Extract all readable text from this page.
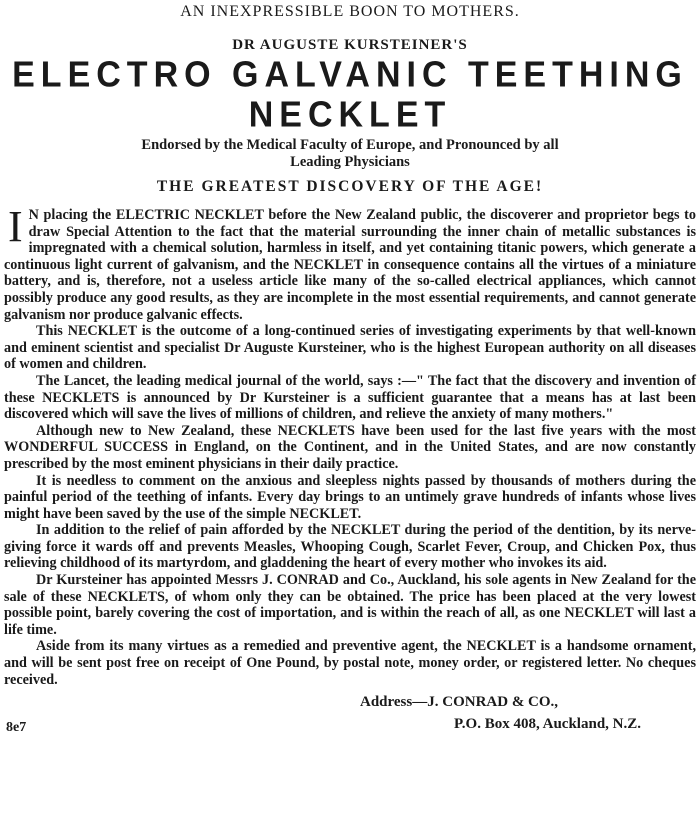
AN INEXPRESSIBLE BOON TO MOTHERS.
DR AUGUSTE KURSTEINER'S
ELECTRO GALVANIC TEETHING NECKLET
Endorsed by the Medical Faculty of Europe, and Pronounced by all
Leading Physicians
THE GREATEST DISCOVERY OF THE AGE!

I N placing the ELECTRIC NECKLET before the New Zealand public, the discoverer and proprietor begs to draw Special Attention to the fact that the material surrounding the inner chain of metallic substances is impregnated with a chemical solution, harmless in itself, and yet containing titanic powers, which generate a continuous light current of galvanism, and the NECKLET in consequence contains all the virtues of a miniature battery, and is, therefore, not a useless article like many of the so-called electrical appliances, which cannot possibly produce any good results, as they are incomplete in the most essential requirements, and cannot generate galvanism nor produce galvanic effects.

This NECKLET is the outcome of a long-continued series of investigating experiments by that well-known and eminent scientist and specialist Dr Auguste Kursteiner, who is the highest European authority on all diseases of women and children.

The Lancet, the leading medical journal of the world, says :—" The fact that the discovery and invention of these NECKLETS is announced by Dr Kursteiner is a sufficient guarantee that a means has at last been discovered which will save the lives of millions of children, and relieve the anxiety of many mothers."

Although new to New Zealand, these NECKLETS have been used for the last five years with the most WONDERFUL SUCCESS in England, on the Continent, and in the United States, and are now constantly prescribed by the most eminent physicians in their daily practice.

It is needless to comment on the anxious and sleepless nights passed by thousands of mothers during the painful period of the teething of infants. Every day brings to an untimely grave hundreds of infants whose lives might have been saved by the use of the simple NECKLET.

In addition to the relief of pain afforded by the NECKLET during the period of the dentition, by its nerve-giving force it wards off and prevents Measles, Whooping Cough, Scarlet Fever, Croup, and Chicken Pox, thus relieving childhood of its martyrdom, and gladdening the heart of every mother who invokes its aid.

Dr Kursteiner has appointed Messrs J. CONRAD and Co., Auckland, his sole agents in New Zealand for the sale of these NECKLETS, of whom only they can be obtained. The price has been placed at the very lowest possible point, barely covering the cost of importation, and is within the reach of all, as one NECKLET will last a life time.

Aside from its many virtues as a remedied and preventive agent, the NECKLET is a handsome ornament, and will be sent post free on receipt of One Pound, by postal note, money order, or registered letter. No cheques received.

Address—J. CONRAD & CO.,
P.O. Box 408, Auckland, N.Z.
8e7
